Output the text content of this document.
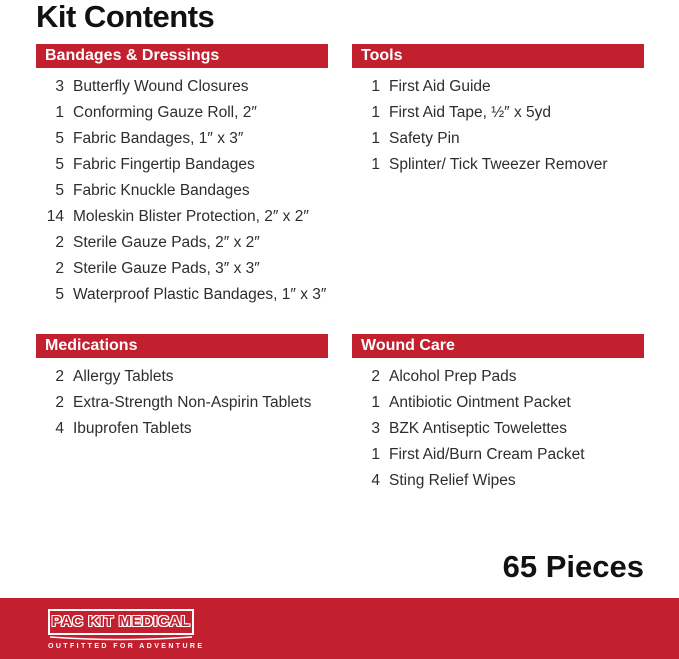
Kit Contents
Bandages & Dressings
3 Butterfly Wound Closures
1 Conforming Gauze Roll, 2″
5 Fabric Bandages, 1″ x 3″
5 Fabric Fingertip Bandages
5 Fabric Knuckle Bandages
14 Moleskin Blister Protection, 2″ x 2″
2 Sterile Gauze Pads, 2″ x 2″
2 Sterile Gauze Pads, 3″ x 3″
5 Waterproof Plastic Bandages, 1″ x 3″
Tools
1 First Aid Guide
1 First Aid Tape, ½″ x 5yd
1 Safety Pin
1 Splinter/ Tick Tweezer Remover
Medications
2 Allergy Tablets
2 Extra-Strength Non-Aspirin Tablets
4 Ibuprofen Tablets
Wound Care
2 Alcohol Prep Pads
1 Antibiotic Ointment Packet
3 BZK Antiseptic Towelettes
1 First Aid/Burn Cream Packet
4 Sting Relief Wipes
65 Pieces
PAC KIT MEDICAL
OUTFITTED FOR ADVENTURE
